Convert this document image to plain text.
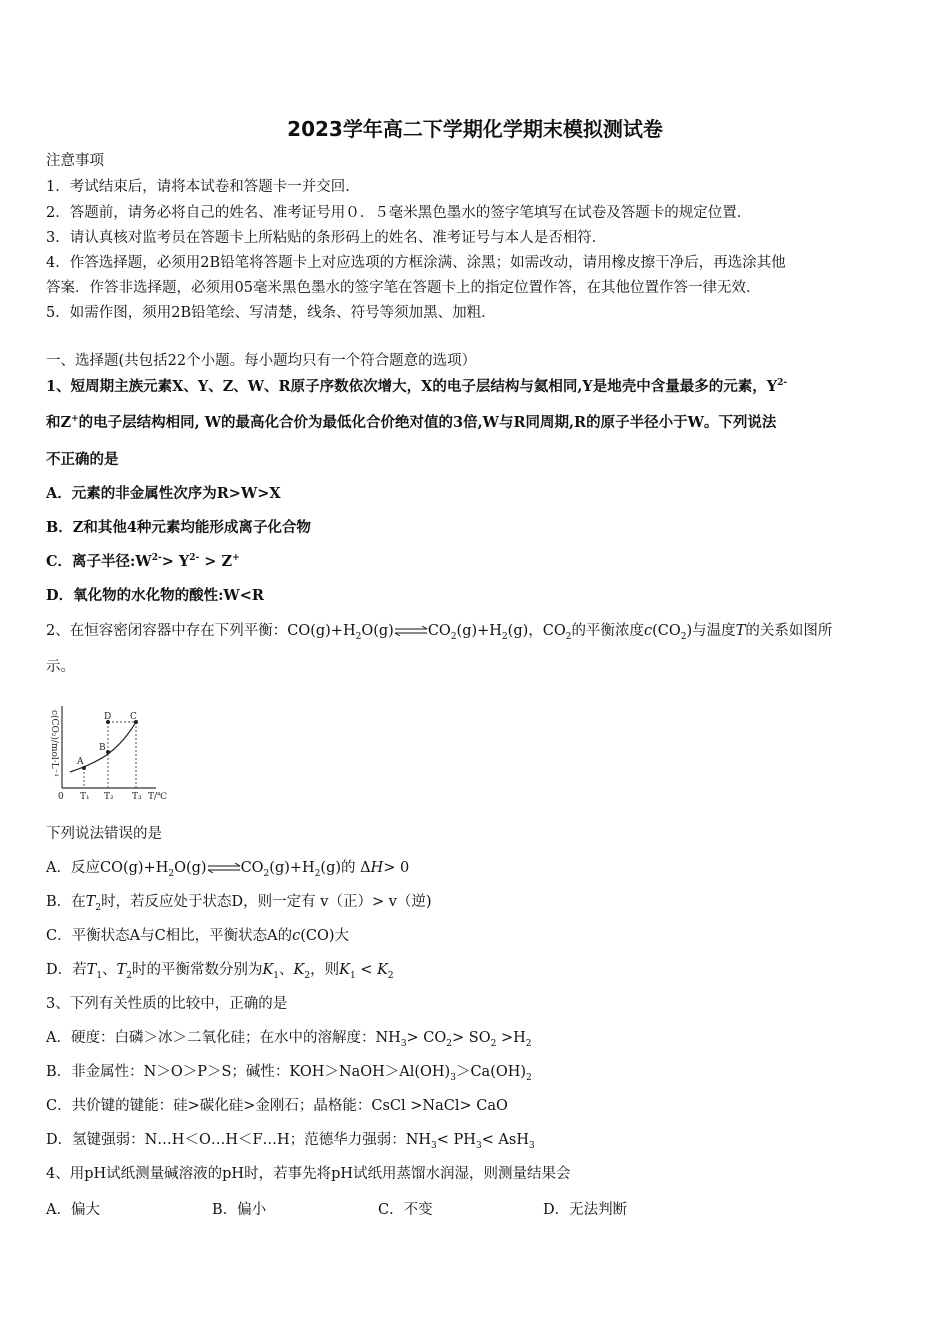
2023学年高二下学期化学期末模拟测试卷
注意事项
1．考试结束后，请将本试卷和答题卡一并交回．
2．答题前，请务必将自己的姓名、准考证号用０．５毫米黑色墨水的签字笔填写在试卷及答题卡的规定位置．
3．请认真核对监考员在答题卡上所粘贴的条形码上的姓名、准考证号与本人是否相符．
4．作答选择题，必须用2B铅笔将答题卡上对应选项的方框涂满、涂黑；如需改动，请用橡皮擦干净后，再选涂其他
答案．作答非选择题，必须用05毫米黑色墨水的签字笔在答题卡上的指定位置作答，在其他位置作答一律无效．
5．如需作图，须用2B铅笔绘、写清楚，线条、符号等须加黑、加粗．
一、选择题(共包括22个小题。每小题均只有一个符合题意的选项）
1、短周期主族元素X、Y、Z、W、R原子序数依次增大，X的电子层结构与氦相同,Y是地壳中含量最多的元素，$Y^{2-}$
和Z+的电子层结构相同, W的最高化合价为最低化合价绝对值的3倍,W与R同周期,R的原子半径小于W。下列说法
不正确的是
A．元素的非金属性次序为R>W>X
B．Z和其他4种元素均能形成离子化合物
C．离子半径$:W^{2-}> Y^{2-} > Z^+$
D．氧化物的水化物的酸性:W<R
2、在恒容密闭容器中存在下列平衡：$CO(g)+H_2O(g)\rightleftharpoons CO_2(g)+H_2(g)$，$CO_2$的平衡浓度$c(CO_2)$与温度T的关系如图所
示。
c(CO₂)/mol·L⁻¹ A
B
C
D
0 T₁ T₂ T₃ T/℃
下列说法错误的是
A．反应$CO(g)+H_2O(g)\rightleftharpoons CO_2(g)+H_2(g)$的 ΔH> 0
B．在$T_2$时，若反应处于状态D，则一定有 v（正）> v（逆)
C．平衡状态A与C相比，平衡状态A的c(CO)大
D．若$T_1$、$T_2$时的平衡常数分别为$K_1$、$K_2$，则$K_1 < K_2$
3、下列有关性质的比较中，正确的是
A．硬度：白磷＞冰＞二氧化硅；在水中的溶解度：$NH_3> CO_2> SO_2 >H_2$
B．非金属性：N＞O＞P＞S；碱性：$KOH>NaOH>Al(OH)_3>Ca(OH)_2$
C．共价键的键能：硅>碳化硅>金刚石；晶格能：CsCl >NaCl> CaO
D．氢键强弱：N…H＜O…H＜F…H；范德华力强弱：$NH_3< PH_3< AsH_3$
4、用pH试纸测量碱溶液的pH时，若事先将pH试纸用蒸馏水润湿，则测量结果会
A．偏大	B．偏小	C．不变	D．无法判断
